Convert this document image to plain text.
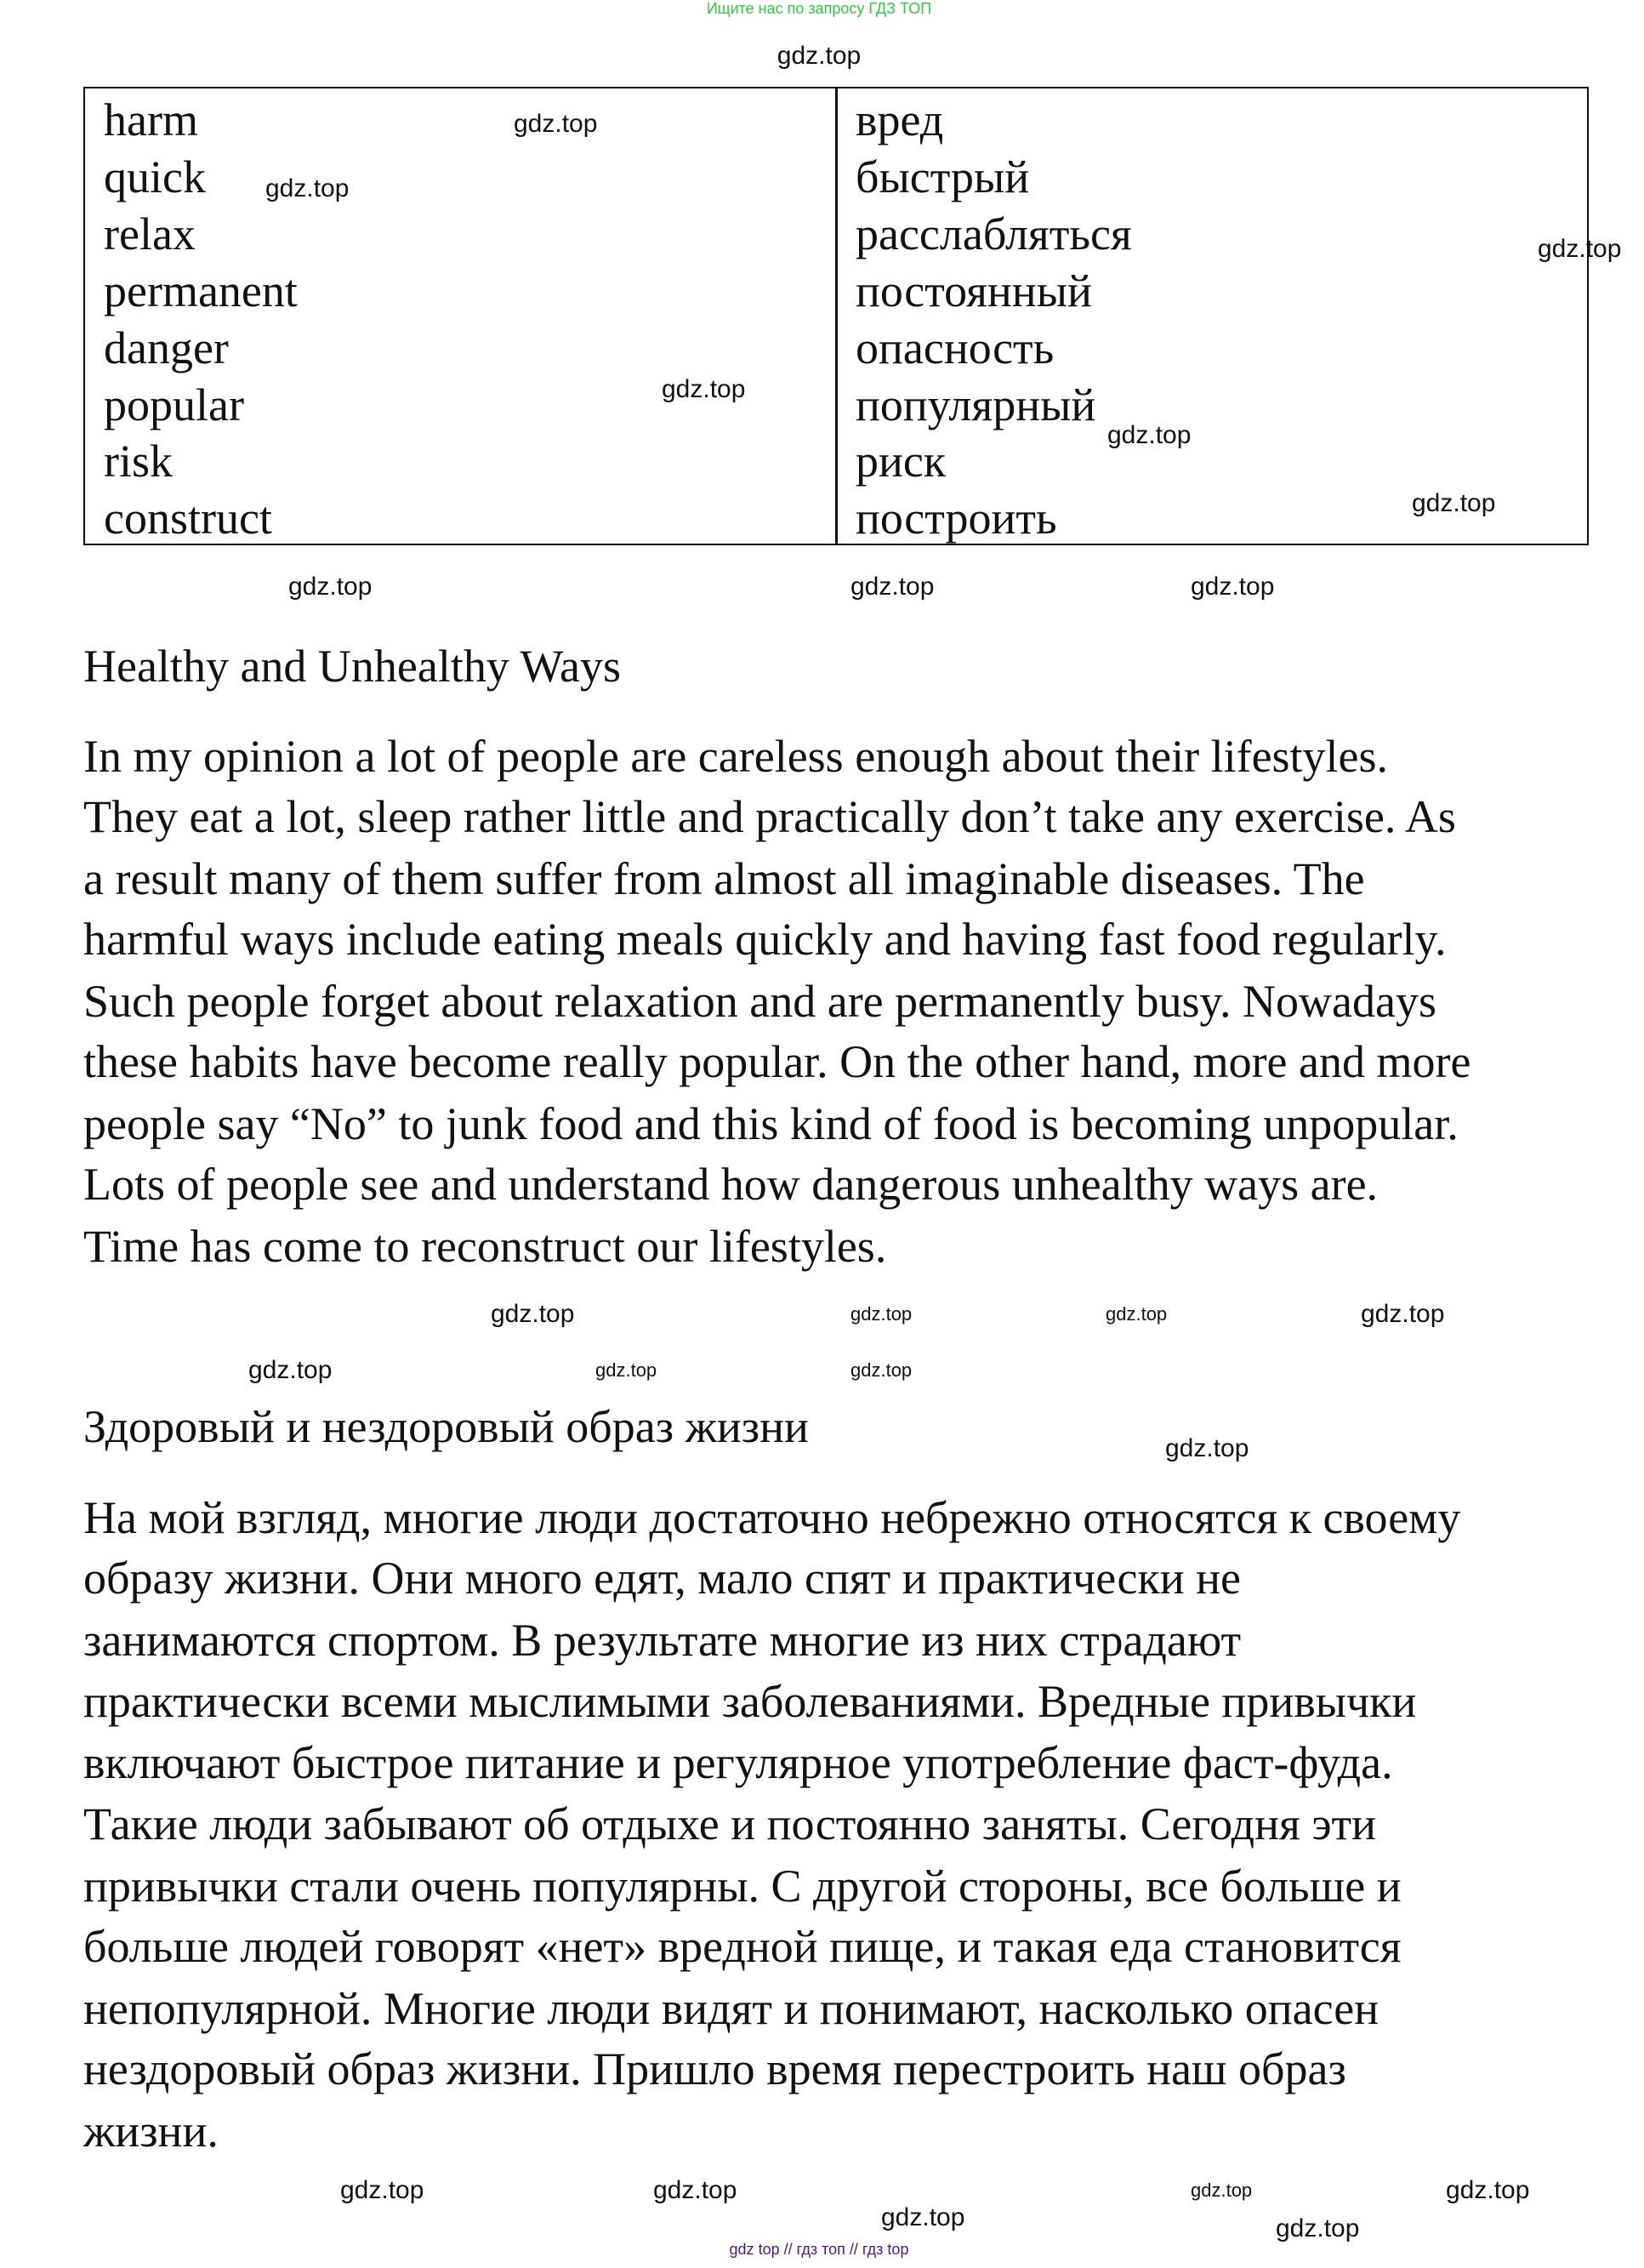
Ищите нас по запросу ГДЗ ТОП
harm	вред
quick	быстрый
relax	расслабляться
permanent	постоянный
danger	опасность
popular	популярный
risk	риск
construct	построить
Healthy and Unhealthy Ways
In my opinion a lot of people are careless enough about their lifestyles.
They eat a lot, sleep rather little and practically don’t take any exercise. As
a result many of them suffer from almost all imaginable diseases. The
harmful ways include eating meals quickly and having fast food regularly.
Such people forget about relaxation and are permanently busy. Nowadays
these habits have become really popular. On the other hand, more and more
people say “No” to junk food and this kind of food is becoming unpopular.
Lots of people see and understand how dangerous unhealthy ways are.
Time has come to reconstruct our lifestyles.
Здоровый и нездоровый образ жизни
На мой взгляд, многие люди достаточно небрежно относятся к своему
образу жизни. Они много едят, мало спят и практически не
занимаются спортом. В результате многие из них страдают
практически всеми мыслимыми заболеваниями. Вредные привычки
включают быстрое питание и регулярное употребление фаст-фуда.
Такие люди забывают об отдыхе и постоянно заняты. Сегодня эти
привычки стали очень популярны. С другой стороны, все больше и
больше людей говорят «нет» вредной пище, и такая еда становится
непопулярной. Многие люди видят и понимают, насколько опасен
нездоровый образ жизни. Пришло время перестроить наш образ
жизни.
gdz.top
gdz.top
gdz.top
gdz.top
gdz.top
gdz.top
gdz.top
gdz.top	gdz.top	gdz.top
gdz.top	gdz.top	gdz.top	gdz.top
gdz.top	gdz.top	gdz.top
gdz.top
gdz.top	gdz.top	gdz.top
gdz.top	gdz.top
gdz.top
gdz top // гдз топ // гдз top
